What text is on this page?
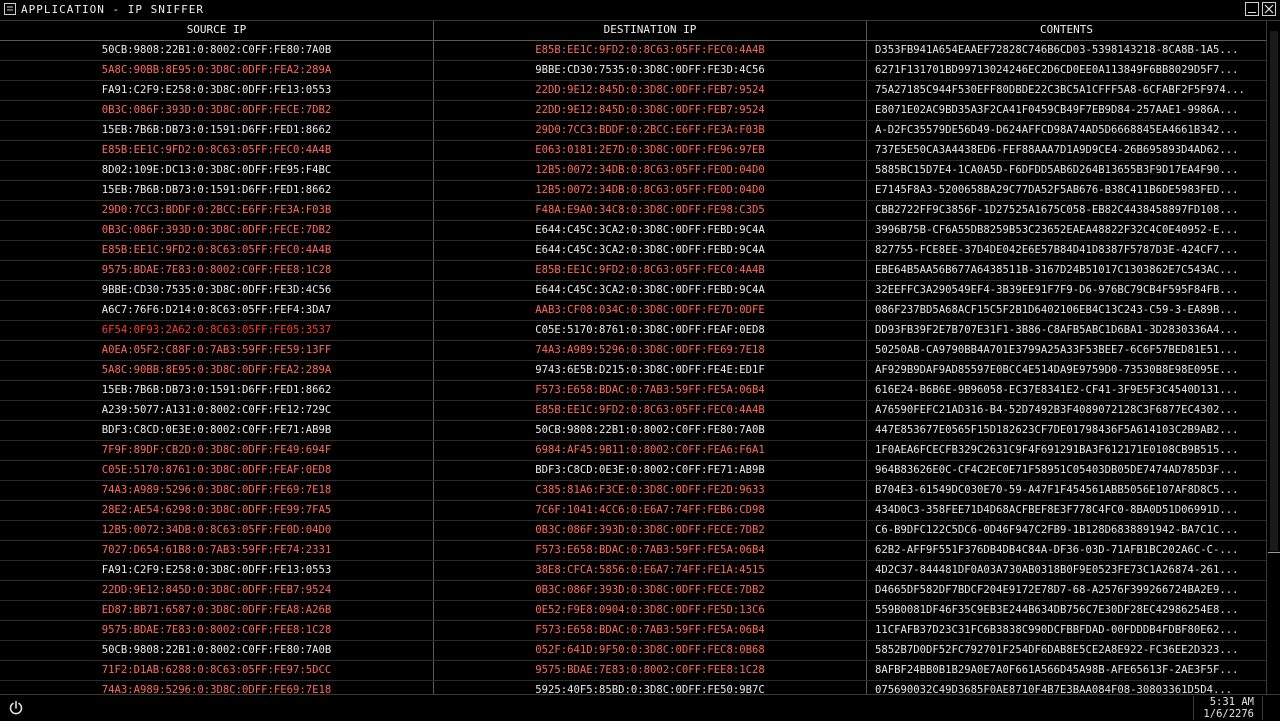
APPLICATION - IP SNIFFER
SOURCE IP	DESTINATION IP	CONTENTS
50CB:9808:22B1:0:8002:C0FF:FE80:7A0B	E85B:EE1C:9FD2:0:8C63:05FF:FEC0:4A4B	D353FB941A654EAAEF72828C746B6CD03-5398143218-8CA8B-1A5...
5A8C:90BB:8E95:0:3D8C:0DFF:FEA2:289A	9BBE:CD30:7535:0:3D8C:0DFF:FE3D:4C56	6271F131701BD99713024246EC2D6CD0EE0A113849F6BB8029D5F7...
FA91:C2F9:E258:0:3D8C:0DFF:FE13:0553	22DD:9E12:845D:0:3D8C:0DFF:FEB7:9524	75A27185C944F530EFF80DBDE22C3BC5A1CFFF5A8-6CFABF2F5F974...
0B3C:086F:393D:0:3D8C:0DFF:FECE:7DB2	22DD:9E12:845D:0:3D8C:0DFF:FEB7:9524	E8071E02AC9BD35A3F2CA41F0459CB49F7EB9D84-257AAE1-9986A...
15EB:7B6B:DB73:0:1591:D6FF:FED1:8662	29D0:7CC3:BDDF:0:2BCC:E6FF:FE3A:F03B	A-D2FC35579DE56D49-D624AFFCD98A74AD5D6668845EA4661B342...
E85B:EE1C:9FD2:0:8C63:05FF:FEC0:4A4B	E063:0181:2E7D:0:3D8C:0DFF:FE96:97EB	737E5E50CA3A4438ED6-FEF88AAA7D1A9D9CE4-26B695893D4AD62...
8D02:109E:DC13:0:3D8C:0DFF:FE95:F4BC	12B5:0072:34DB:0:8C63:05FF:FE0D:04D0	5885BC15D7E4-1CA0A5D-F6DFDD5AB6D264B13655B3F9D17EA4F90...
15EB:7B6B:DB73:0:1591:D6FF:FED1:8662	12B5:0072:34DB:0:8C63:05FF:FE0D:04D0	E7145F8A3-5200658BA29C77DA52F5AB676-B38C411B6DE5983FED...
29D0:7CC3:BDDF:0:2BCC:E6FF:FE3A:F03B	F48A:E9A0:34C8:0:3D8C:0DFF:FE98:C3D5	CBB2722FF9C3856F-1D27525A1675C058-EB82C4438458897FD108...
0B3C:086F:393D:0:3D8C:0DFF:FECE:7DB2	E644:C45C:3CA2:0:3D8C:0DFF:FEBD:9C4A	3996B75B-CF6A55DB8259B53C23652EAEA48822F32C4C0E40952-E...
E85B:EE1C:9FD2:0:8C63:05FF:FEC0:4A4B	E644:C45C:3CA2:0:3D8C:0DFF:FEBD:9C4A	827755-FCE8EE-37D4DE042E6E57B84D41D8387F5787D3E-424CF7...
9575:BDAE:7E83:0:8002:C0FF:FEE8:1C28	E85B:EE1C:9FD2:0:8C63:05FF:FEC0:4A4B	EBE64B5AA56B677A6438511B-3167D24B51017C1303862E7C543AC...
9BBE:CD30:7535:0:3D8C:0DFF:FE3D:4C56	E644:C45C:3CA2:0:3D8C:0DFF:FEBD:9C4A	32EEFFC3A290549EF4-3B39EE91F7F9-D6-976BC79CB4F595F84FB...
A6C7:76F6:D214:0:8C63:05FF:FEF4:3DA7	AAB3:CF08:034C:0:3D8C:0DFF:FE7D:0DFE	086F237BD5A68ACF15C5F2B1D6402106EB4C13C243-C59-3-EA89B...
6F54:0F93:2A62:0:8C63:05FF:FE05:3537	C05E:5170:8761:0:3D8C:0DFF:FEAF:0ED8	DD93FB39F2E7B707E31F1-3B86-C8AFB5ABC1D6BA1-3D2830336A4...
A0EA:05F2:C88F:0:7AB3:59FF:FE59:13FF	74A3:A989:5296:0:3D8C:0DFF:FE69:7E18	50250AB-CA9790BB4A701E3799A25A33F53BEE7-6C6F57BED81E51...
5A8C:90BB:8E95:0:3D8C:0DFF:FEA2:289A	9743:6E5B:D215:0:3D8C:0DFF:FE4E:ED1F	AF929B9DAF9AD85597E0BCC4E514DA9E9759D0-73530B8E98E095E...
15EB:7B6B:DB73:0:1591:D6FF:FED1:8662	F573:E658:BDAC:0:7AB3:59FF:FE5A:06B4	616E24-B6B6E-9B96058-EC37E8341E2-CF41-3F9E5F3C4540D131...
A239:5077:A131:0:8002:C0FF:FE12:729C	E85B:EE1C:9FD2:0:8C63:05FF:FEC0:4A4B	A76590FEFC21AD316-B4-52D7492B3F4089072128C3F6877EC4302...
BDF3:C8CD:0E3E:0:8002:C0FF:FE71:AB9B	50CB:9808:22B1:0:8002:C0FF:FE80:7A0B	447E853677E0565F15D182623CF7DE01798436F5A614103C2B9AB2...
7F9F:89DF:CB2D:0:3D8C:0DFF:FE49:694F	6984:AF45:9B11:0:8002:C0FF:FEA6:F6A1	1F0AEA6FCECFB329C2631C9F4F691291BA3F612171E0108CB9B515...
C05E:5170:8761:0:3D8C:0DFF:FEAF:0ED8	BDF3:C8CD:0E3E:0:8002:C0FF:FE71:AB9B	964B83626E0C-CF4C2EC0E71F58951C05403DB05DE7474AD785D3F...
74A3:A989:5296:0:3D8C:0DFF:FE69:7E18	C385:81A6:F3CE:0:3D8C:0DFF:FE2D:9633	B704E3-61549DC030E70-59-A47F1F454561ABB5056E107AF8D8C5...
28E2:AE54:6298:0:3D8C:0DFF:FE99:7FA5	7C6F:1041:4CC6:0:E6A7:74FF:FEB6:CD98	434D0C3-358FEE71D4D68ACFBEF8E3F778C4FC0-8BA0D51D06991D...
12B5:0072:34DB:0:8C63:05FF:FE0D:04D0	0B3C:086F:393D:0:3D8C:0DFF:FECE:7DB2	C6-B9DFC122C5DC6-0D46F947C2FB9-1B128D6838891942-BA7C1C...
7027:D654:61B8:0:7AB3:59FF:FE74:2331	F573:E658:BDAC:0:7AB3:59FF:FE5A:06B4	62B2-AFF9F551F376DB4DB4C84A-DF36-03D-71AFB1BC202A6C-C-...
FA91:C2F9:E258:0:3D8C:0DFF:FE13:0553	38E8:CFCA:5856:0:E6A7:74FF:FE1A:4515	4D2C37-844481DF0A03A730AB0318B0F9E0523FE73C1A26874-261...
22DD:9E12:845D:0:3D8C:0DFF:FEB7:9524	0B3C:086F:393D:0:3D8C:0DFF:FECE:7DB2	D4665DF582DF7BDCF204E9172E78D7-68-A2576F399266724BA2E9...
ED87:BB71:6587:0:3D8C:0DFF:FEA8:A26B	0E52:F9E8:0904:0:3D8C:0DFF:FE5D:13C6	559B0081DF46F35C9EB3E244B634DB756C7E30DF28EC42986254E8...
9575:BDAE:7E83:0:8002:C0FF:FEE8:1C28	F573:E658:BDAC:0:7AB3:59FF:FE5A:06B4	11CFAFB37D23C31FC6B3838C990DCFBBFDAD-00FDDDB4FDBF80E62...
50CB:9808:22B1:0:8002:C0FF:FE80:7A0B	052F:641D:9F50:0:3D8C:0DFF:FEC8:0B68	5852B7D0DF52FC792701F254DF6DAB8E5CE2A8E922-FC36EE2D323...
71F2:D1AB:6288:0:8C63:05FF:FE97:5DCC	9575:BDAE:7E83:0:8002:C0FF:FEE8:1C28	8AFBF24BB0B1B29A0E7A0F661A566D45A98B-AFE65613F-2AE3F5F...
74A3:A989:5296:0:3D8C:0DFF:FE69:7E18	5925:40F5:85BD:0:3D8C:0DFF:FE50:9B7C	075690032C49D3685F0AE8710F4B7E3BAA084F08-30803361D5D4...
5:31 AM
1/6/2276
